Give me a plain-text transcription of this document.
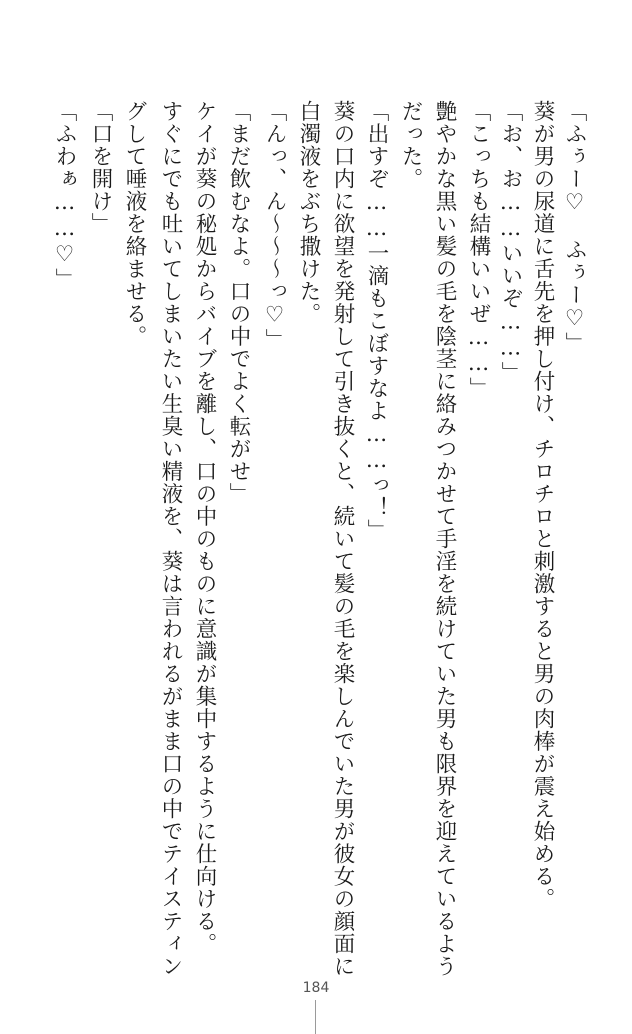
「ふぅー♡　ふぅー♡」
葵が男の尿道に舌先を押し付け、チロチロと刺激すると男の肉棒が震え始める。
「お、お……いいぞ……」
「こっちも結構いいぜ……」
艶やかな黒い髪の毛を陰茎に絡みつかせて手淫を続けていた男も限界を迎えているよう
だった。
「出すぞ……一滴もこぼすなよ……っ！」
葵の口内に欲望を発射して引き抜くと、続いて髪の毛を楽しんでいた男が彼女の顔面に
白濁液をぶち撒けた。
「んっ、ん〜〜〜っ♡」
「まだ飲むなよ。口の中でよく転がせ」
ケイが葵の秘処からバイブを離し、口の中のものに意識が集中するように仕向ける。
すぐにでも吐いてしまいたい生臭い精液を、葵は言われるがまま口の中でテイスティン
グして唾液を絡ませる。
「口を開け」
「ふわぁ……♡」
184
